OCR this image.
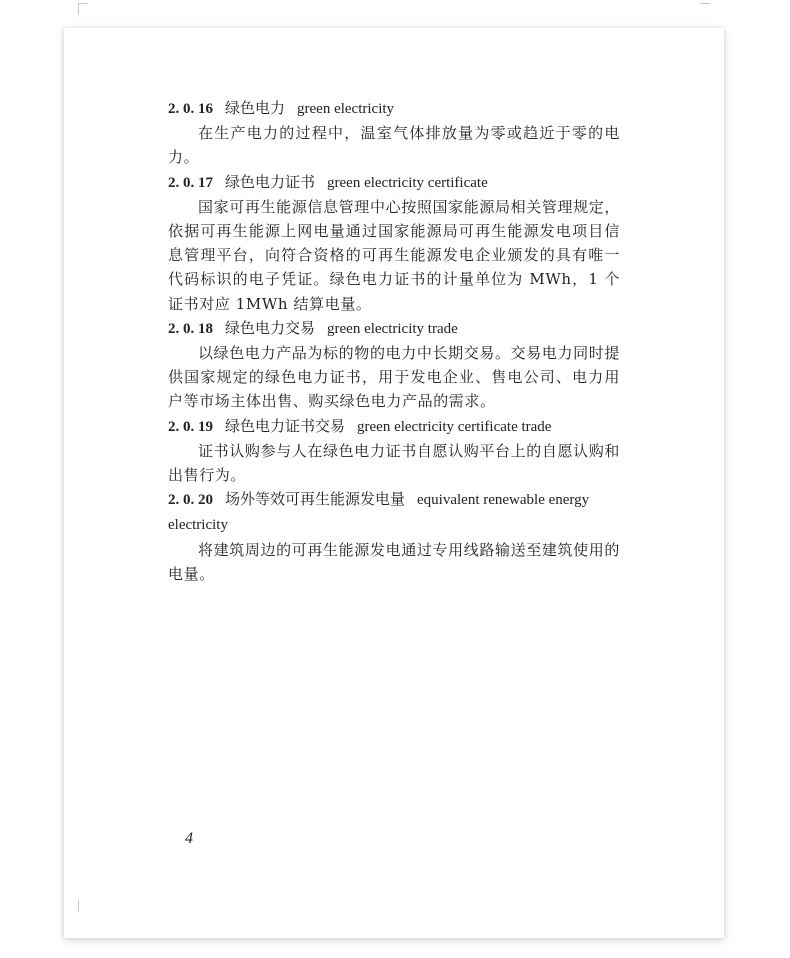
2. 0. 16 绿色电力 green electricity
在生产电力的过程中，温室气体排放量为零或趋近于零的电力。
2. 0. 17 绿色电力证书 green electricity certificate
国家可再生能源信息管理中心按照国家能源局相关管理规定，依据可再生能源上网电量通过国家能源局可再生能源发电项目信息管理平台，向符合资格的可再生能源发电企业颁发的具有唯一代码标识的电子凭证。绿色电力证书的计量单位为 MWh，1 个证书对应 1MWh 结算电量。
2. 0. 18 绿色电力交易 green electricity trade
以绿色电力产品为标的物的电力中长期交易。交易电力同时提供国家规定的绿色电力证书，用于发电企业、售电公司、电力用户等市场主体出售、购买绿色电力产品的需求。
2. 0. 19 绿色电力证书交易 green electricity certificate trade
证书认购参与人在绿色电力证书自愿认购平台上的自愿认购和出售行为。
2. 0. 20 场外等效可再生能源发电量 equivalent renewable energy electricity
将建筑周边的可再生能源发电通过专用线路输送至建筑使用的电量。
4
